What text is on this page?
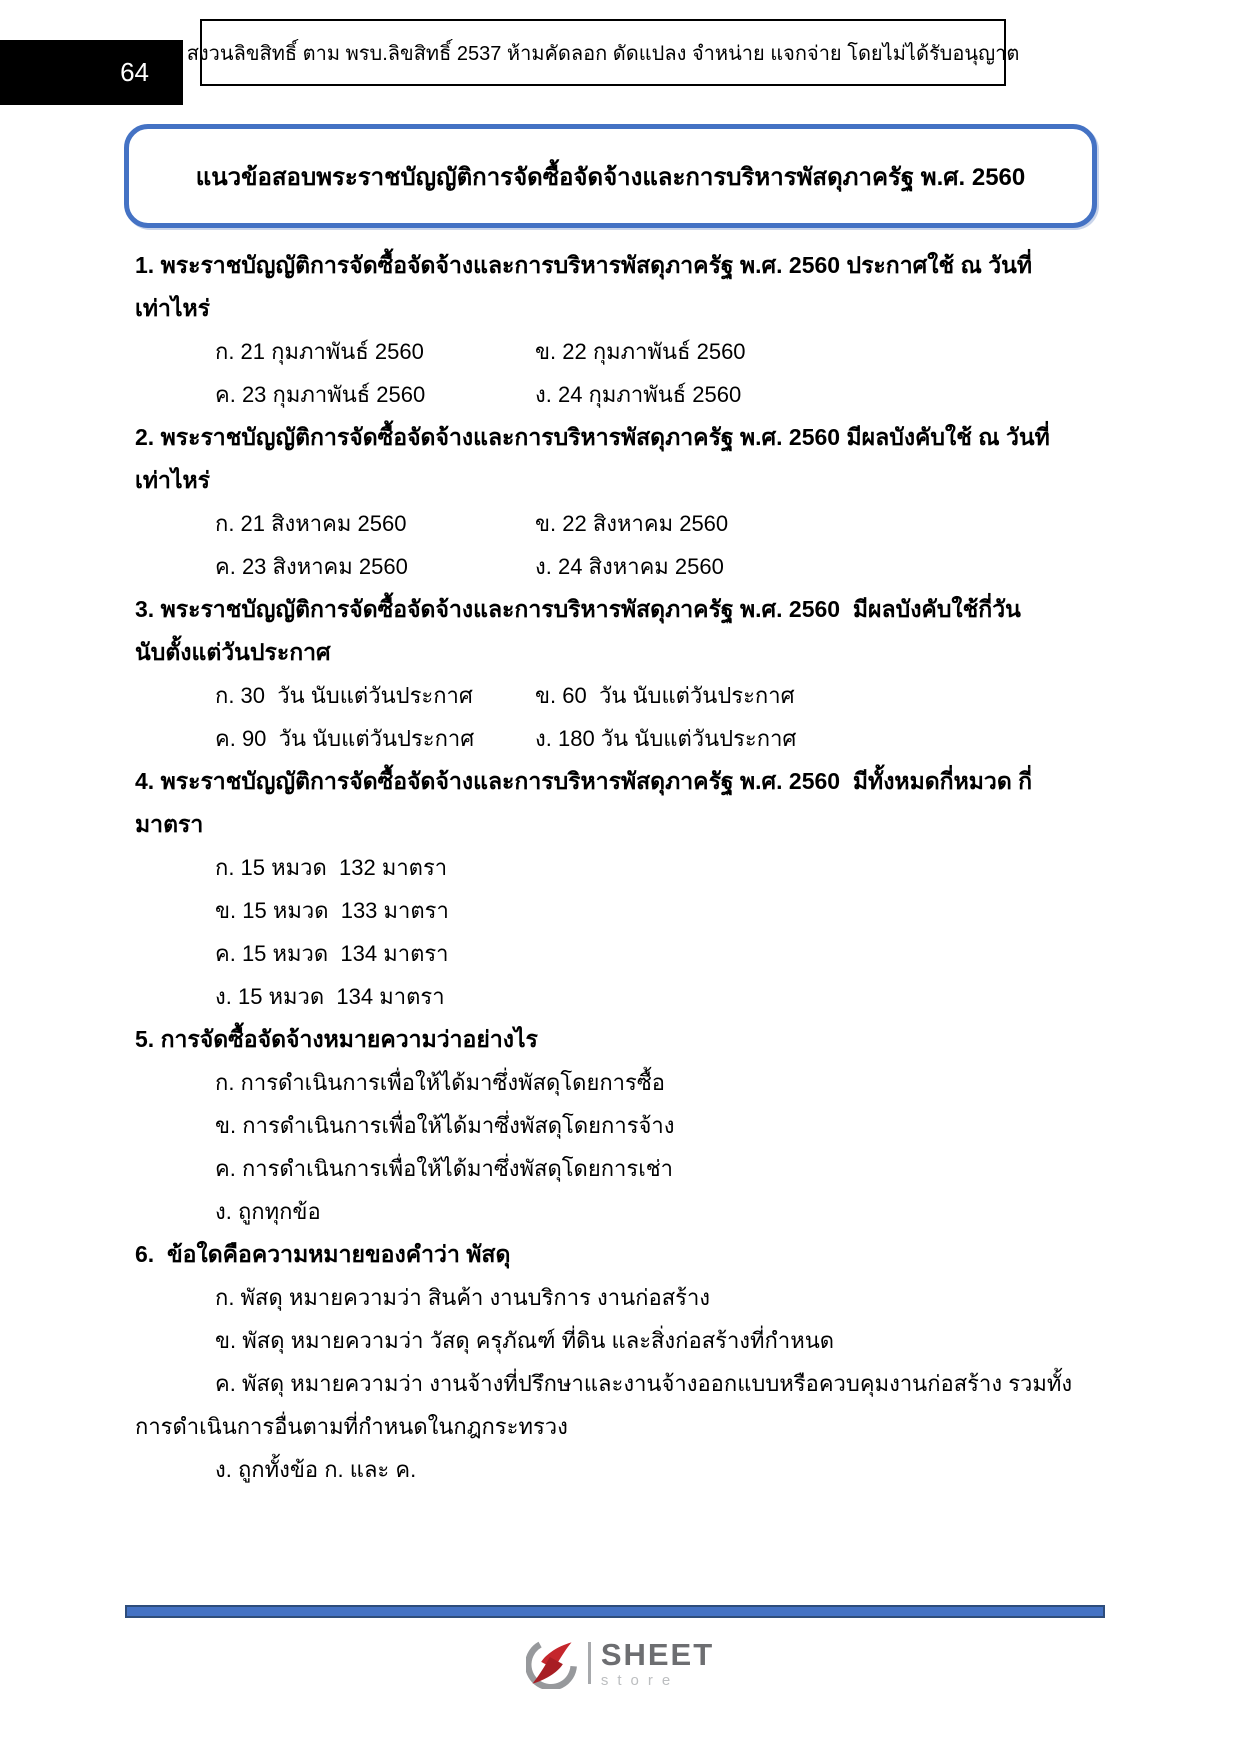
64
สงวนลิขสิทธิ์ ตาม พรบ.ลิขสิทธิ์ 2537 ห้ามคัดลอก ดัดแปลง จำหน่าย แจกจ่าย โดยไม่ได้รับอนุญาต
แนวข้อสอบพระราชบัญญัติการจัดซื้อจัดจ้างและการบริหารพัสดุภาครัฐ พ.ศ. 2560
1. พระราชบัญญัติการจัดซื้อจัดจ้างและการบริหารพัสดุภาครัฐ พ.ศ. 2560 ประกาศใช้ ณ วันที่
เท่าไหร่
ก. 21 กุมภาพันธ์ 2560	ข. 22 กุมภาพันธ์ 2560
ค. 23 กุมภาพันธ์ 2560	ง. 24 กุมภาพันธ์ 2560
2. พระราชบัญญัติการจัดซื้อจัดจ้างและการบริหารพัสดุภาครัฐ พ.ศ. 2560 มีผลบังคับใช้ ณ วันที่
เท่าไหร่
ก. 21 สิงหาคม 2560	ข. 22 สิงหาคม 2560
ค. 23 สิงหาคม 2560	ง. 24 สิงหาคม 2560
3. พระราชบัญญัติการจัดซื้อจัดจ้างและการบริหารพัสดุภาครัฐ พ.ศ. 2560  มีผลบังคับใช้กี่วัน
นับตั้งแต่วันประกาศ
ก. 30  วัน นับแต่วันประกาศ	ข. 60  วัน นับแต่วันประกาศ
ค. 90  วัน นับแต่วันประกาศ	ง. 180 วัน นับแต่วันประกาศ
4. พระราชบัญญัติการจัดซื้อจัดจ้างและการบริหารพัสดุภาครัฐ พ.ศ. 2560  มีทั้งหมดกี่หมวด กี่
มาตรา
ก. 15 หมวด  132 มาตรา
ข. 15 หมวด  133 มาตรา
ค. 15 หมวด  134 มาตรา
ง. 15 หมวด  134 มาตรา
5. การจัดซื้อจัดจ้างหมายความว่าอย่างไร
ก. การดำเนินการเพื่อให้ได้มาซึ่งพัสดุโดยการซื้อ
ข. การดำเนินการเพื่อให้ได้มาซึ่งพัสดุโดยการจ้าง
ค. การดำเนินการเพื่อให้ได้มาซึ่งพัสดุโดยการเช่า
ง. ถูกทุกข้อ
6.  ข้อใดคือความหมายของคำว่า พัสดุ
ก. พัสดุ หมายความว่า สินค้า งานบริการ งานก่อสร้าง
ข. พัสดุ หมายความว่า วัสดุ ครุภัณฑ์ ที่ดิน และสิ่งก่อสร้างที่กำหนด
ค. พัสดุ หมายความว่า งานจ้างที่ปรึกษาและงานจ้างออกแบบหรือควบคุมงานก่อสร้าง รวมทั้ง
การดำเนินการอื่นตามที่กำหนดในกฎกระทรวง
ง. ถูกทั้งข้อ ก. และ ค.
SHEET
store
